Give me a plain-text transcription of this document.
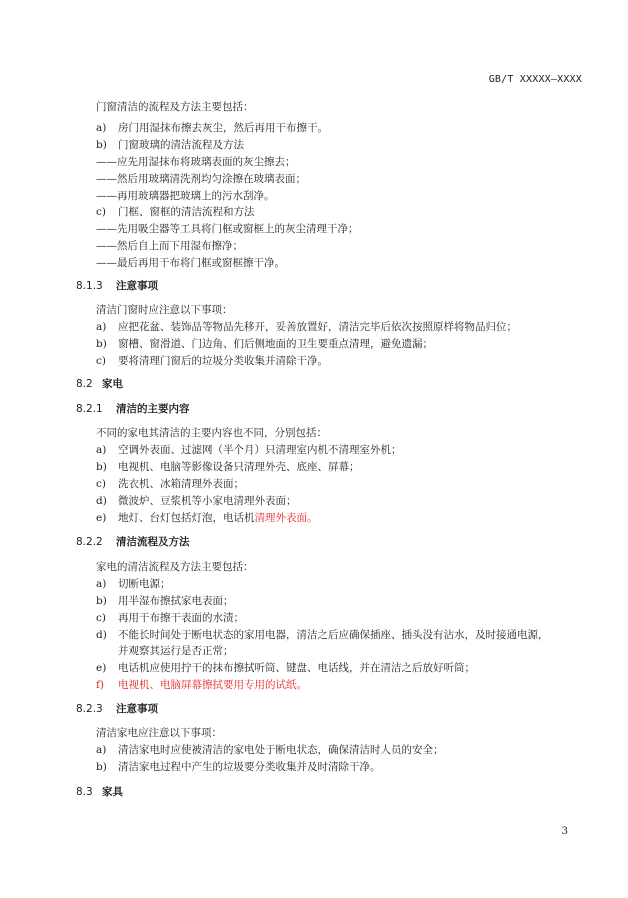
GB/T XXXXX—XXXX
门窗清洁的流程及方法主要包括：
a) 房门用湿抹布擦去灰尘，然后再用干布擦干。
b) 门窗玻璃的清洁流程及方法
——应先用湿抹布将玻璃表面的灰尘擦去；
——然后用玻璃清洗剂均匀涂擦在玻璃表面；
——再用玻璃器把玻璃上的污水刮净。
c) 门框、窗框的清洁流程和方法
——先用吸尘器等工具将门框或窗框上的灰尘清理干净；
——然后自上而下用湿布擦净；
——最后再用干布将门框或窗框擦干净。
8.1.3 注意事项
清洁门窗时应注意以下事项：
a) 应把花盆、装饰品等物品先移开，妥善放置好，清洁完毕后依次按照原样将物品归位；
b) 窗槽、窗滑道、门边角、们后侧地面的卫生要重点清理，避免遗漏；
c) 要将清理门窗后的垃圾分类收集并清除干净。
8.2 家电
8.2.1 清洁的主要内容
不同的家电其清洁的主要内容也不同，分别包括：
a) 空调外表面、过滤网（半个月）只清理室内机不清理室外机；
b) 电视机、电脑等影像设备只清理外壳、底座、屏幕；
c) 洗衣机、冰箱清理外表面；
d) 微波炉、豆浆机等小家电清理外表面；
e) 地灯、台灯包括灯泡，电话机清理外表面。
8.2.2 清洁流程及方法
家电的清洁流程及方法主要包括：
a) 切断电源；
b) 用半湿布擦拭家电表面；
c) 再用干布擦干表面的水渍；
d) 不能长时间处于断电状态的家用电器，清洁之后应确保插座、插头没有沾水，及时接通电源，
并观察其运行是否正常；
e) 电话机应使用拧干的抹布擦拭听筒、键盘、电话线，并在清洁之后放好听筒；
f) 电视机、电脑屏幕擦拭要用专用的试纸。
8.2.3 注意事项
清洁家电应注意以下事项：
a) 清洁家电时应使被清洁的家电处于断电状态，确保清洁时人员的安全；
b) 清洁家电过程中产生的垃圾要分类收集并及时清除干净。
8.3 家具
3
